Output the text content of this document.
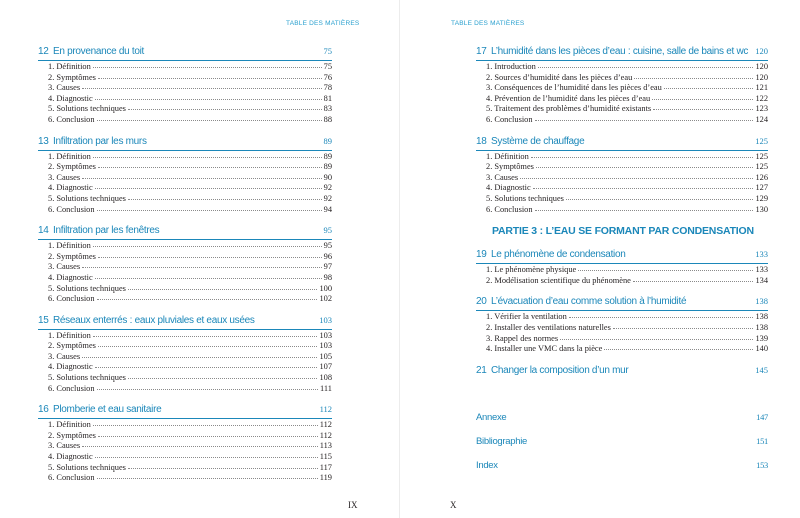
TABLE DES MATIÈRES
12 En provenance du toit	75
1. Définition	75
2. Symptômes	76
3. Causes	78
4. Diagnostic	81
5. Solutions techniques	83
6. Conclusion	88
13 Infiltration par les murs	89
1. Définition	89
2. Symptômes	89
3. Causes	90
4. Diagnostic	92
5. Solutions techniques	92
6. Conclusion	94
14 Infiltration par les fenêtres	95
1. Définition	95
2. Symptômes	96
3. Causes	97
4. Diagnostic	98
5. Solutions techniques	100
6. Conclusion	102
15 Réseaux enterrés : eaux pluviales et eaux usées	103
1. Définition	103
2. Symptômes	103
3. Causes	105
4. Diagnostic	107
5. Solutions techniques	108
6. Conclusion	111
16 Plomberie et eau sanitaire	112
1. Définition	112
2. Symptômes	112
3. Causes	113
4. Diagnostic	115
5. Solutions techniques	117
6. Conclusion	119
IX
TABLE DES MATIÈRES
17 L’humidité dans les pièces d’eau : cuisine, salle de bains et wc 120
1. Introduction	120
2. Sources d’humidité dans les pièces d’eau	120
3. Conséquences de l’humidité dans les pièces d’eau	121
4. Prévention de l’humidité dans les pièces d’eau	122
5. Traitement des problèmes d’humidité existants	123
6. Conclusion	124
18 Système de chauffage	125
1. Définition	125
2. Symptômes	125
3. Causes	126
4. Diagnostic	127
5. Solutions techniques	129
6. Conclusion	130
PARTIE 3 : L’EAU SE FORMANT PAR CONDENSATION
19 Le phénomène de condensation	133
1. Le phénomène physique	133
2. Modélisation scientifique du phénomène	134
20 L’évacuation d’eau comme solution à l’humidité	138
1. Vérifier la ventilation	138
2. Installer des ventilations naturelles	138
3. Rappel des normes	139
4. Installer une VMC dans la pièce	140
21 Changer la composition d’un mur	145
Annexe	147
Bibliographie	151
Index	153
X
